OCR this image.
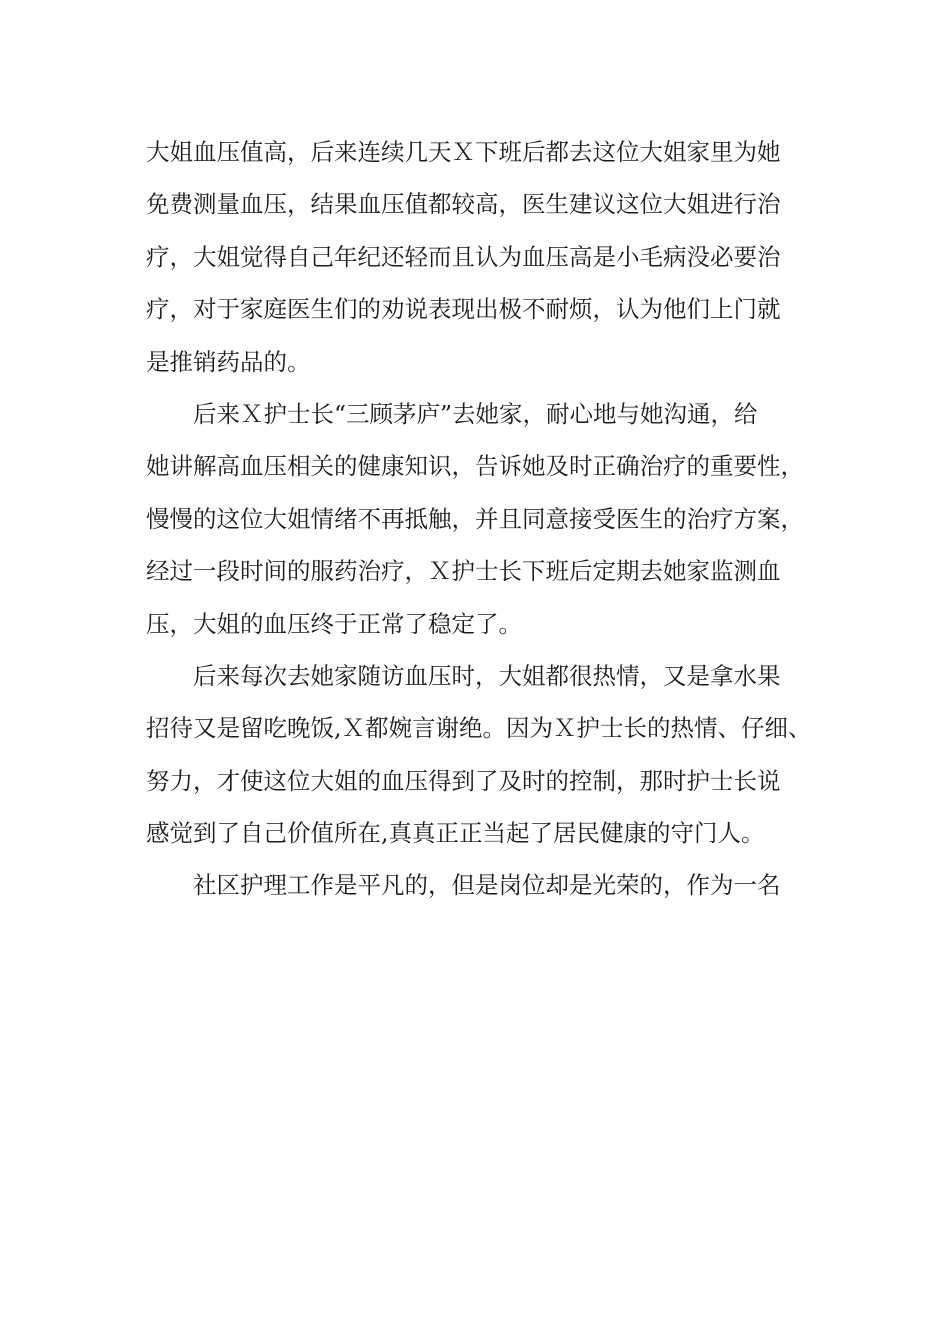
大姐血压值高，后来连续几天Ｘ下班后都去这位大姐家里为她
免费测量血压，结果血压值都较高，医生建议这位大姐进行治
疗，大姐觉得自己年纪还轻而且认为血压高是小毛病没必要治
疗，对于家庭医生们的劝说表现出极不耐烦，认为他们上门就
是推销药品的。
后来Ｘ护士长“三顾茅庐”去她家，耐心地与她沟通，给
她讲解高血压相关的健康知识，告诉她及时正确治疗的重要性，
慢慢的这位大姐情绪不再抵触，并且同意接受医生的治疗方案，
经过一段时间的服药治疗，Ｘ护士长下班后定期去她家监测血
压，大姐的血压终于正常了稳定了。
后来每次去她家随访血压时，大姐都很热情，又是拿水果
招待又是留吃晚饭,Ｘ都婉言谢绝。因为Ｘ护士长的热情、仔细、
努力，才使这位大姐的血压得到了及时的控制，那时护士长说
感觉到了自己价值所在,真真正正当起了居民健康的守门人。
社区护理工作是平凡的，但是岗位却是光荣的，作为一名
